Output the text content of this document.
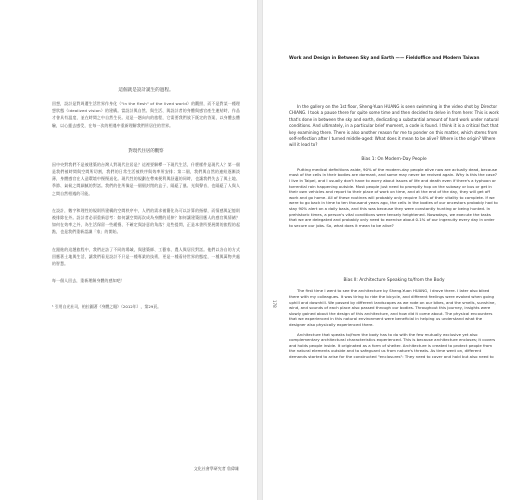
這個就是設計誕生的過程。

回想，設計是對周遭生活世界作身化（"in the flesh" of the lived world）的觀照，而不是對某一種理想狀態（idealized vision）的建構。當設計與自然、與生活、與設計者的身體與感官產生連結時，作品才會具有溫度，並在時間之中自然生長。這是一趟向內的旅程，它需要我們放下既定的答案，以身體去體驗，以心靈去感受，在每一次的相遇中重新理解我們所居住的世界。

對現代住居的觀察

因中央對我們不是被建築的台灣人對現代住居是？這裡要解釋一下現代生活，什麼樣件是現代人？第一個是我們被時間與空間所切割，我們的日常生活被秩序與效率所安排；第二個，我們與自然的連結逐漸淡薄，身體感官在人造環境中慢慢退化。現代性的規劃在帶來便利與舒適的同時，也讓我們失去了與土地、季節、氣候之間細膩的對話。我們的住所像是一個個封閉的盒子，隔絕了風、光與聲音，也隔絕了人與人之間自然相遇的可能。

在設計，數字和理性的規則所建構的空間秩序中，人們的需求被簡化為可以計算的指標，而情感與記憶則被排除在外。設計者必須重新思考：如何讓空間再次成為身體的延伸？如何讓建築回應人的感官與情緒？如何在效率之外，為生活保留一些緩慢、不確定與詩意的角落？這些提問，正是本書所要展開的旅程的起點，也是我們重新認識「家」的開始。

在跟進的這趟旅程中，我們走訪了不同的場域，與建築師、工藝家、農人與居民對話。他們以各自的方式回應著土地與生活，讓我們看見設計不只是一種專業的技術，更是一種看待世界的態度，一種與萬物共處的智慧。

每一個人回去，重新理解身體的感知吧！

¹ 引用自光社司，柏拉圖著《身體之眼》（2012年），第29頁。

文化社會學研究者 詹偉雄

Work and Design in Between Sky and Earth —— Fieldoffice and Modern Taiwan

In the gallery on the 1st floor, Sheng-Yuan HUANG is seen swimming in the video shot by Director CHIANG. I took a pause there for quite some time and then decided to delve in from here: This is work that's done in between the sky and earth, dedicating a substantial amount of hard work under natural conditions. And ultimately, in a particular brief moment, a code is found. I think it is a critical fact that key examining there. There is also another reason for me to ponder on this matter, which stems from self-reflection after I turned middle-aged: What does it mean to be alive? Where is the origin? Where will it lead to?

Bias 1: On Modern-Day People

Putting medical definitions aside, 90% of the modern-day people alive now are actually dead, because most of the cells in their bodies are dormant, and some may never be revived again. Why is this the case? I live in Taipei, and I usually don't have to worry about issues of life and death even if there's a typhoon or torrential rain happening outside. Most people just need to promptly hop on the subway or bus or get in their own vehicles and report to their place of work on time, and at the end of the day, they will get off work and go home. All of these routines will probably only require 5-6% of their vitality to complete. If we were to go back in time to ten thousand years ago, the cells in the bodies of our ancestors probably had to stay 90% alert on a daily basis, and this was because they were constantly hunting or being hunted. In prehistoric times, a person's vital conditions were tensely heightened. Nowadays, we execute the tasks that we are delegated and probably only need to exercise about 0.1% of our ingenuity every day in order to secure our jobs. So, what does it mean to be alive?

Bias II: Architecture Speaking to/from the Body

The first time I went to see the architecture by Sheng-Yuan HUANG, I drove there. I later also biked there with my colleagues. It was tiring to ride the bicycle, and different feelings were evoked when going uphill and downhill. We passed by different landscapes as we rode on our bikes, and the smells, sunshine, wind, and sounds of each place also passed through our bodies. Throughout this journey, insights were slowly gained about the design of this architecture, and how did it come about. The physical encounters that we experienced in this natural environment were beneficial in helping us understand what the designer also physically experienced there.

Architecture that speaks to/from the body has to do with the few mutually exclusive yet also complementary architectural characteristics experienced. This is because architecture encloses; it covers and holds people inside. It originated as a form of shelter. Architecture is created to protect people from the natural elements outside and to safeguard us from nature's threats. As time went on, different demands started to arise for the constructed "enclosures": They need to cover and hold but also need to

178
